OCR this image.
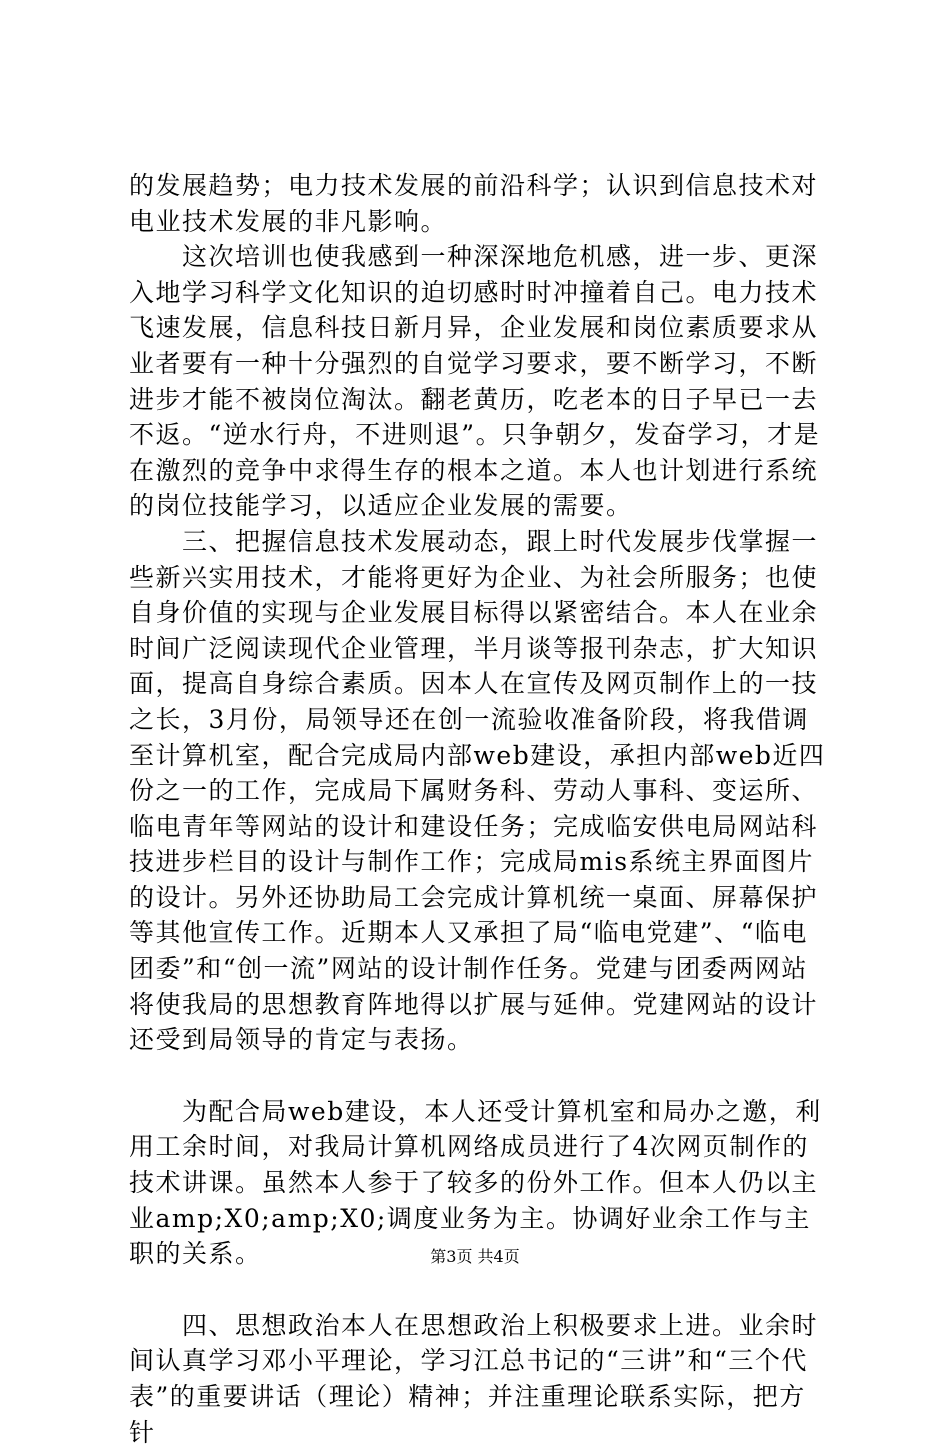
的发展趋势；电力技术发展的前沿科学；认识到信息技术对电业技术发展的非凡影响。

这次培训也使我感到一种深深地危机感，进一步、更深入地学习科学文化知识的迫切感时时冲撞着自己。电力技术飞速发展，信息科技日新月异，企业发展和岗位素质要求从业者要有一种十分强烈的自觉学习要求，要不断学习，不断进步才能不被岗位淘汰。翻老黄历，吃老本的日子早已一去不返。“逆水行舟，不进则退”。只争朝夕，发奋学习，才是在激烈的竞争中求得生存的根本之道。本人也计划进行系统的岗位技能学习，以适应企业发展的需要。

三、把握信息技术发展动态，跟上时代发展步伐掌握一些新兴实用技术，才能将更好为企业、为社会所服务；也使自身价值的实现与企业发展目标得以紧密结合。本人在业余时间广泛阅读现代企业管理，半月谈等报刊杂志，扩大知识面，提高自身综合素质。因本人在宣传及网页制作上的一技之长，3月份，局领导还在创一流验收准备阶段，将我借调至计算机室，配合完成局内部web建设，承担内部web近四份之一的工作，完成局下属财务科、劳动人事科、变运所、临电青年等网站的设计和建设任务；完成临安供电局网站科技进步栏目的设计与制作工作；完成局mis系统主界面图片的设计。另外还协助局工会完成计算机统一桌面、屏幕保护等其他宣传工作。近期本人又承担了局“临电党建”、“临电团委”和“创一流”网站的设计制作任务。党建与团委两网站将使我局的思想教育阵地得以扩展与延伸。党建网站的设计还受到局领导的肯定与表扬。

为配合局web建设，本人还受计算机室和局办之邀，利用工余时间，对我局计算机网络成员进行了4次网页制作的技术讲课。虽然本人参于了较多的份外工作。但本人仍以主业amp;X0;amp;X0;调度业务为主。协调好业余工作与主职的关系。

四、思想政治本人在思想政治上积极要求上进。业余时间认真学习邓小平理论，学习江总书记的“三讲”和“三个代表”的重要讲话（理论）精神；并注重理论联系实际，把方针

第3页 共4页
